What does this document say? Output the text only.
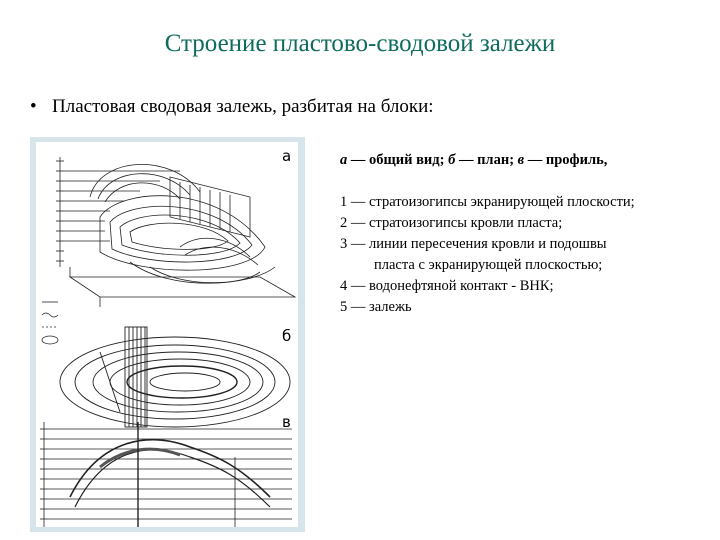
Строение пластово-сводовой залежи
• Пластовая сводовая залежь, разбитая на блоки:
а
б
в
а — общий вид; б — план; в — профиль,
1 — стратоизогипсы экранирующей плоскости;
2 — стратоизогипсы кровли пласта;
3 — линии пересечения кровли и подошвы
пласта с экранирующей плоскостью;
4 — водонефтяной контакт - ВНК;
5 — залежь
